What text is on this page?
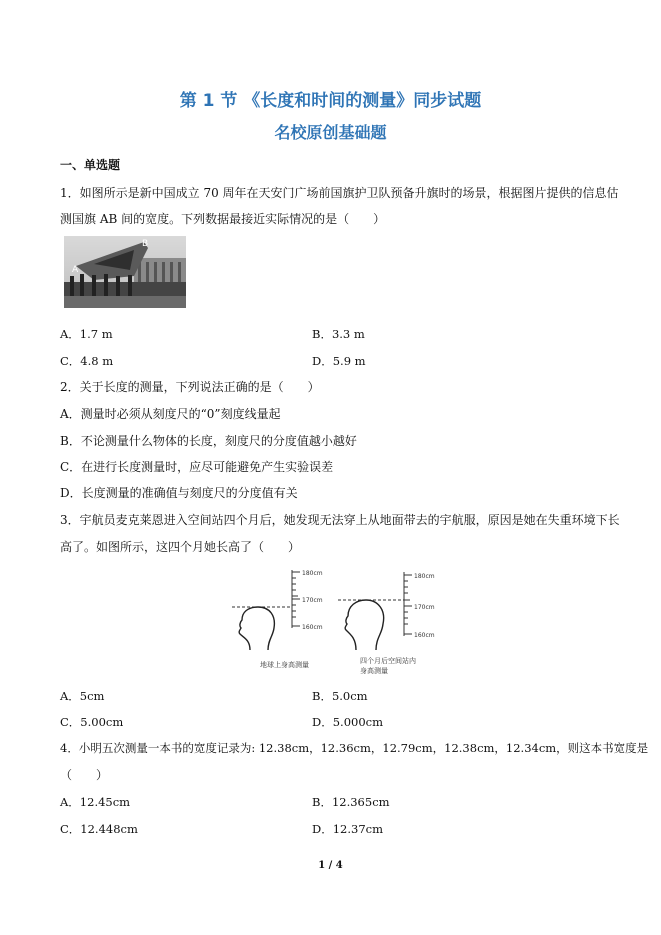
第 1 节 《长度和时间的测量》同步试题
名校原创基础题
一、单选题
1．如图所示是新中国成立 70 周年在天安门广场前国旗护卫队预备升旗时的场景，根据图片提供的信息估
测国旗 AB 间的宽度。下列数据最接近实际情况的是（　　）
A
B
A．1.7 m	B．3.3 m
C．4.8 m	D．5.9 m
2．关于长度的测量，下列说法正确的是（　　）
A．测量时必须从刻度尺的“0”刻度线量起
B．不论测量什么物体的长度，刻度尺的分度值越小越好
C．在进行长度测量时，应尽可能避免产生实验误差
D．长度测量的准确值与刻度尺的分度值有关
3．宇航员麦克莱恩进入空间站四个月后，她发现无法穿上从地面带去的宇航服，原因是她在失重环境下长
高了。如图所示，这四个月她长高了（　　）
180cm
170cm
160cm
180cm
170cm
160cm
地球上身高测量	四个月后空间站内
身高测量
A．5cm	B．5.0cm
C．5.00cm	D．5.000cm
4．小明五次测量一本书的宽度记录为: 12.38cm，12.36cm，12.79cm，12.38cm，12.34cm，则这本书宽度是
（　　）
A．12.45cm	B．12.365cm
C．12.448cm	D．12.37cm
1 / 4
